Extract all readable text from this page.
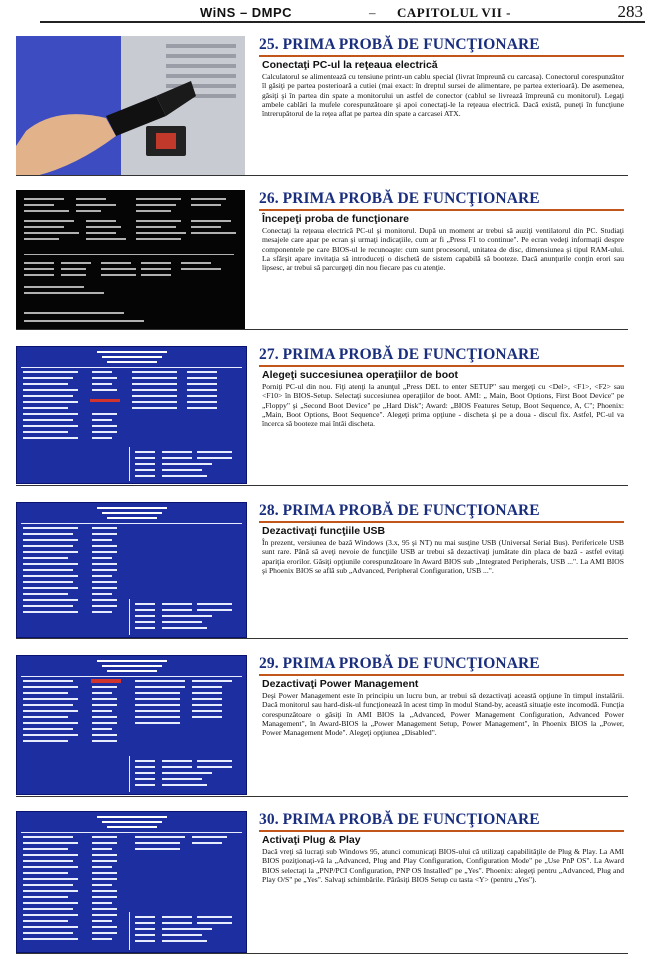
WiNS – DMPC	– CAPITOLUL VII -	283
25. PRIMA PROBĂ DE FUNCŢIONARE
Conectaţi PC-ul la reţeaua electrică
Calculatorul se alimentează cu tensiune printr-un cablu special (livrat împreună cu carcasa). Conectorul corespunzător îl găsiţi pe partea posterioară a cutiei (mai exact: în dreptul sursei de alimentare, pe partea exterioară). De asemenea, găsiţi şi în partea din spate a monitorului un astfel de conector (cablul se livrează împreună cu monitorul). Legaţi ambele cablări la mufele corespunzătoare şi apoi conectaţi-le la reţeaua electrică. Dacă există, puneţi în funcţiune întrerupătorul de la reţea aflat pe partea din spate a carcasei ATX.
26. PRIMA PROBĂ DE FUNCŢIONARE
Începeţi proba de funcţionare
Conectaţi la reţeaua electrică PC-ul şi monitorul. După un moment ar trebui să auziţi ventilatorul din PC. Studiaţi mesajele care apar pe ecran şi urmaţi indicaţiile, cum ar fi „Press F1 to continue". Pe ecran vedeţi informaţii despre componentele pe care BIOS-ul le recunoaşte: cum sunt procesorul, unitatea de disc, dimensiunea şi tipul RAM-ului. La sfârşit apare invitaţia să introduceţi o dischetă de sistem capabilă să booteze. Dacă anunţurile conţin erori sau lipsesc, ar trebui să parcurgeţi din nou fiecare pas cu atenţie.
27. PRIMA PROBĂ DE FUNCŢIONARE
Alegeţi succesiunea operaţiilor de boot
Porniţi PC-ul din nou. Fiţi atenţi la anunţul „Press DEL to enter SETUP" sau mergeţi cu <Del>, <F1>, <F2> sau <F10> în BIOS-Setup. Selectaţi succesiunea operaţiilor de boot. AMI: „ Main, Boot Options, First Boot Device" pe „Floppy" şi „Second Boot Device" pe „Hard Disk"; Award: „BIOS Features Setup, Boot Sequence, A, C"; Phoenix: „Main, Boot Options, Boot Sequence". Alegeţi prima opţiune - discheta şi pe a doua - discul fix. Astfel, PC-ul va încerca să booteze mai întâi discheta.
28. PRIMA PROBĂ DE FUNCŢIONARE
Dezactivaţi funcţiile USB
În prezent, versiunea de bază Windows (3.x, 95 şi NT) nu mai susţine USB (Universal Serial Bus). Perifericele USB sunt rare. Până să aveţi nevoie de funcţiile USB ar trebui să dezactivaţi jumătate din placa de bază - astfel evitaţi apariţia erorilor. Găsiţi opţiunile corespunzătoare în Award BIOS sub „Integrated Peripherals, USB ...". La AMI BIOS şi Phoenix BIOS se află sub „Advanced, Peripheral Configuration, USB ...".
29. PRIMA PROBĂ DE FUNCŢIONARE
Dezactivaţi Power Management
Deşi Power Management este în principiu un lucru bun, ar trebui să dezactivaţi această opţiune în timpul instalării. Dacă monitorul sau hard-disk-ul funcţionează în acest timp în modul Stand-by, această situaţie este incomodă. Funcţia corespunzătoare o găsiţi în AMI BIOS la „Advanced, Power Management Configuration, Advanced Power Management", în Award-BIOS la „Power Management Setup, Power Management", în Phoenix BIOS la „Power, Power Management Mode". Alegeţi opţiunea „Disabled".
30. PRIMA PROBĂ DE FUNCŢIONARE
Activaţi Plug & Play
Dacă vreţi să lucraţi sub Windows 95, atunci comunicaţi BIOS-ului că utilizaţi capabilităţile de Plug & Play. La AMI BIOS poziţionaţi-vă la „Advanced, Plug and Play Configuration, Configuration Mode" pe „Use PnP OS". La Award BIOS selectaţi la „PNP/PCI Configuration, PNP OS Installed" pe „Yes". Phoenix: alegeţi pentru „Advanced, Plug and Play O/S" pe „Yes". Salvaţi schimbările. Părăsiţi BIOS Setup cu tasta <Y> (pentru „Yes").
